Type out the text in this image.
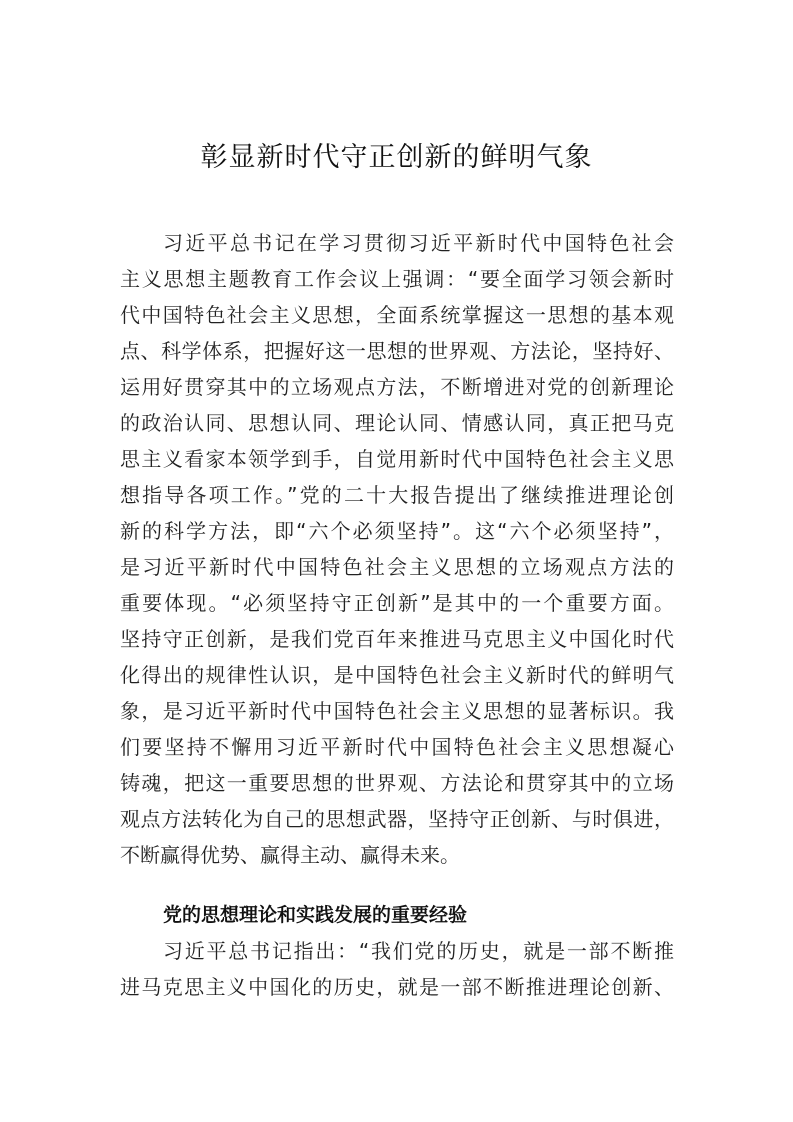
彰显新时代守正创新的鲜明气象
习近平总书记在学习贯彻习近平新时代中国特色社会
主义思想主题教育工作会议上强调：“要全面学习领会新时
代中国特色社会主义思想，全面系统掌握这一思想的基本观
点、科学体系，把握好这一思想的世界观、方法论，坚持好、
运用好贯穿其中的立场观点方法，不断增进对党的创新理论
的政治认同、思想认同、理论认同、情感认同，真正把马克
思主义看家本领学到手，自觉用新时代中国特色社会主义思
想指导各项工作。”党的二十大报告提出了继续推进理论创
新的科学方法，即“六个必须坚持”。这“六个必须坚持”，
是习近平新时代中国特色社会主义思想的立场观点方法的
重要体现。“必须坚持守正创新”是其中的一个重要方面。
坚持守正创新，是我们党百年来推进马克思主义中国化时代
化得出的规律性认识，是中国特色社会主义新时代的鲜明气
象，是习近平新时代中国特色社会主义思想的显著标识。我
们要坚持不懈用习近平新时代中国特色社会主义思想凝心
铸魂，把这一重要思想的世界观、方法论和贯穿其中的立场
观点方法转化为自己的思想武器，坚持守正创新、与时俱进，
不断赢得优势、赢得主动、赢得未来。
党的思想理论和实践发展的重要经验
习近平总书记指出：“我们党的历史，就是一部不断推
进马克思主义中国化的历史，就是一部不断推进理论创新、
